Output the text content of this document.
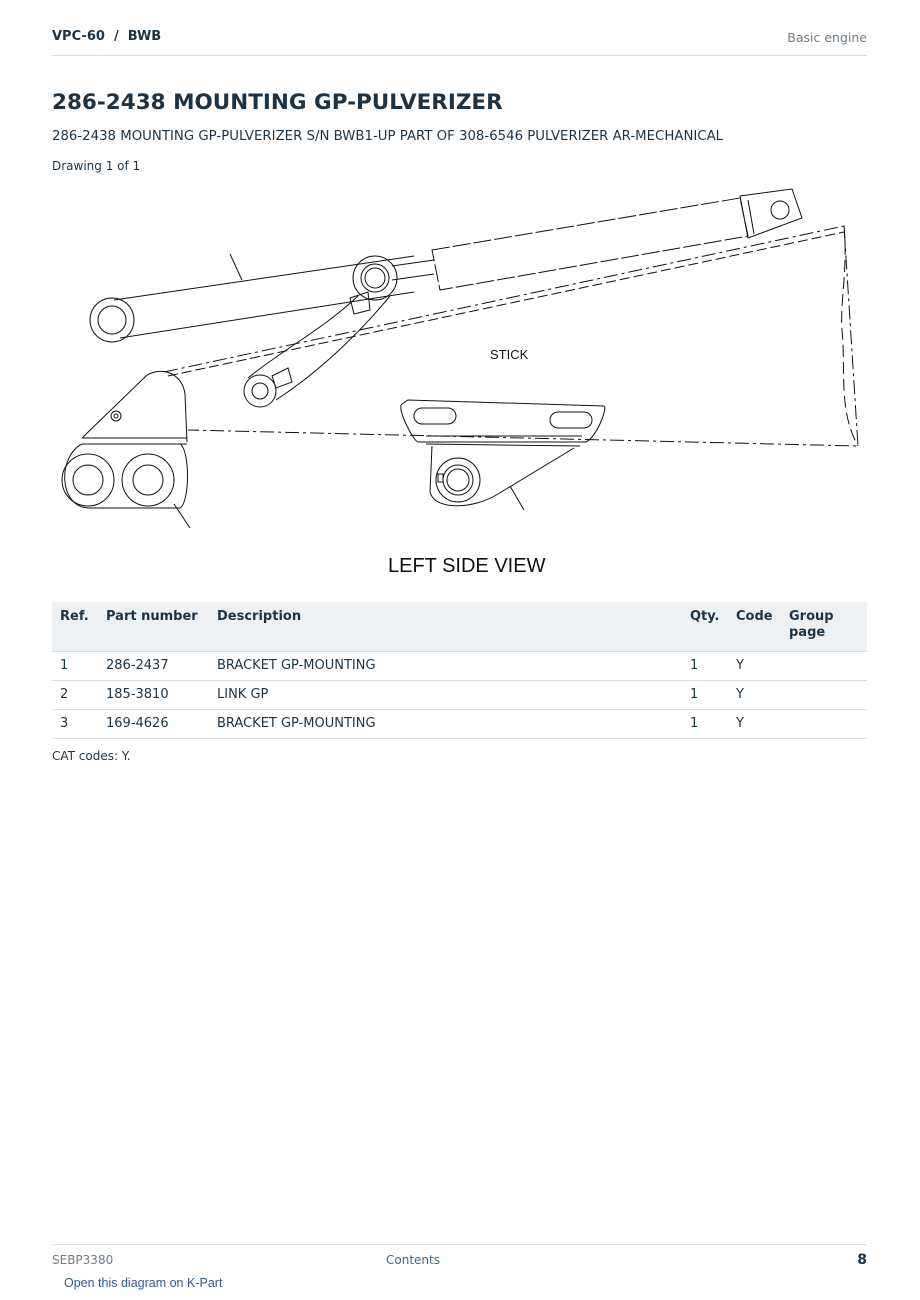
VPC-60  /  BWB	Basic engine
286-2438 MOUNTING GP-PULVERIZER
286-2438 MOUNTING GP-PULVERIZER S/N BWB1-UP PART OF 308-6546 PULVERIZER AR-MECHANICAL
Drawing 1 of 1
STICK
LEFT SIDE VIEW
Ref.	Part number	Description	Qty.	Code	Group page
1	286-2437	BRACKET GP-MOUNTING	1	Y	
2	185-3810	LINK GP	1	Y	
3	169-4626	BRACKET GP-MOUNTING	1	Y	
CAT codes: Y.
SEBP3380	Contents	8
Open this diagram on K-Part
